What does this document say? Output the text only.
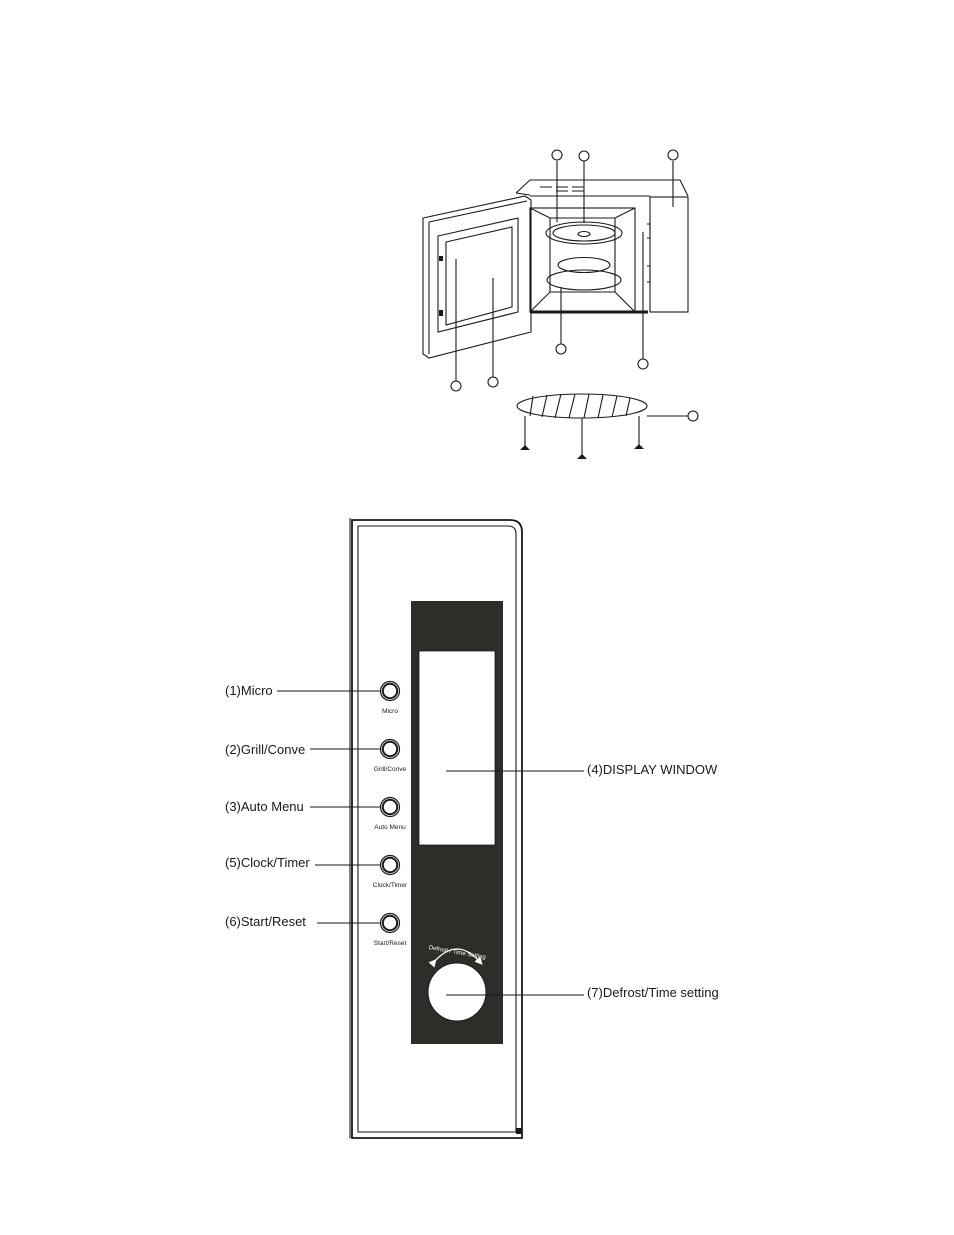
Micro
Grill/Conve
Auto Menu
Clock/Timer
Start/Reset
Defrost / Time Setting
(1)Micro
(2)Grill/Conve
(3)Auto Menu
(5)Clock/Timer
(6)Start/Reset
(4)DISPLAY WINDOW
(7)Defrost/Time setting
